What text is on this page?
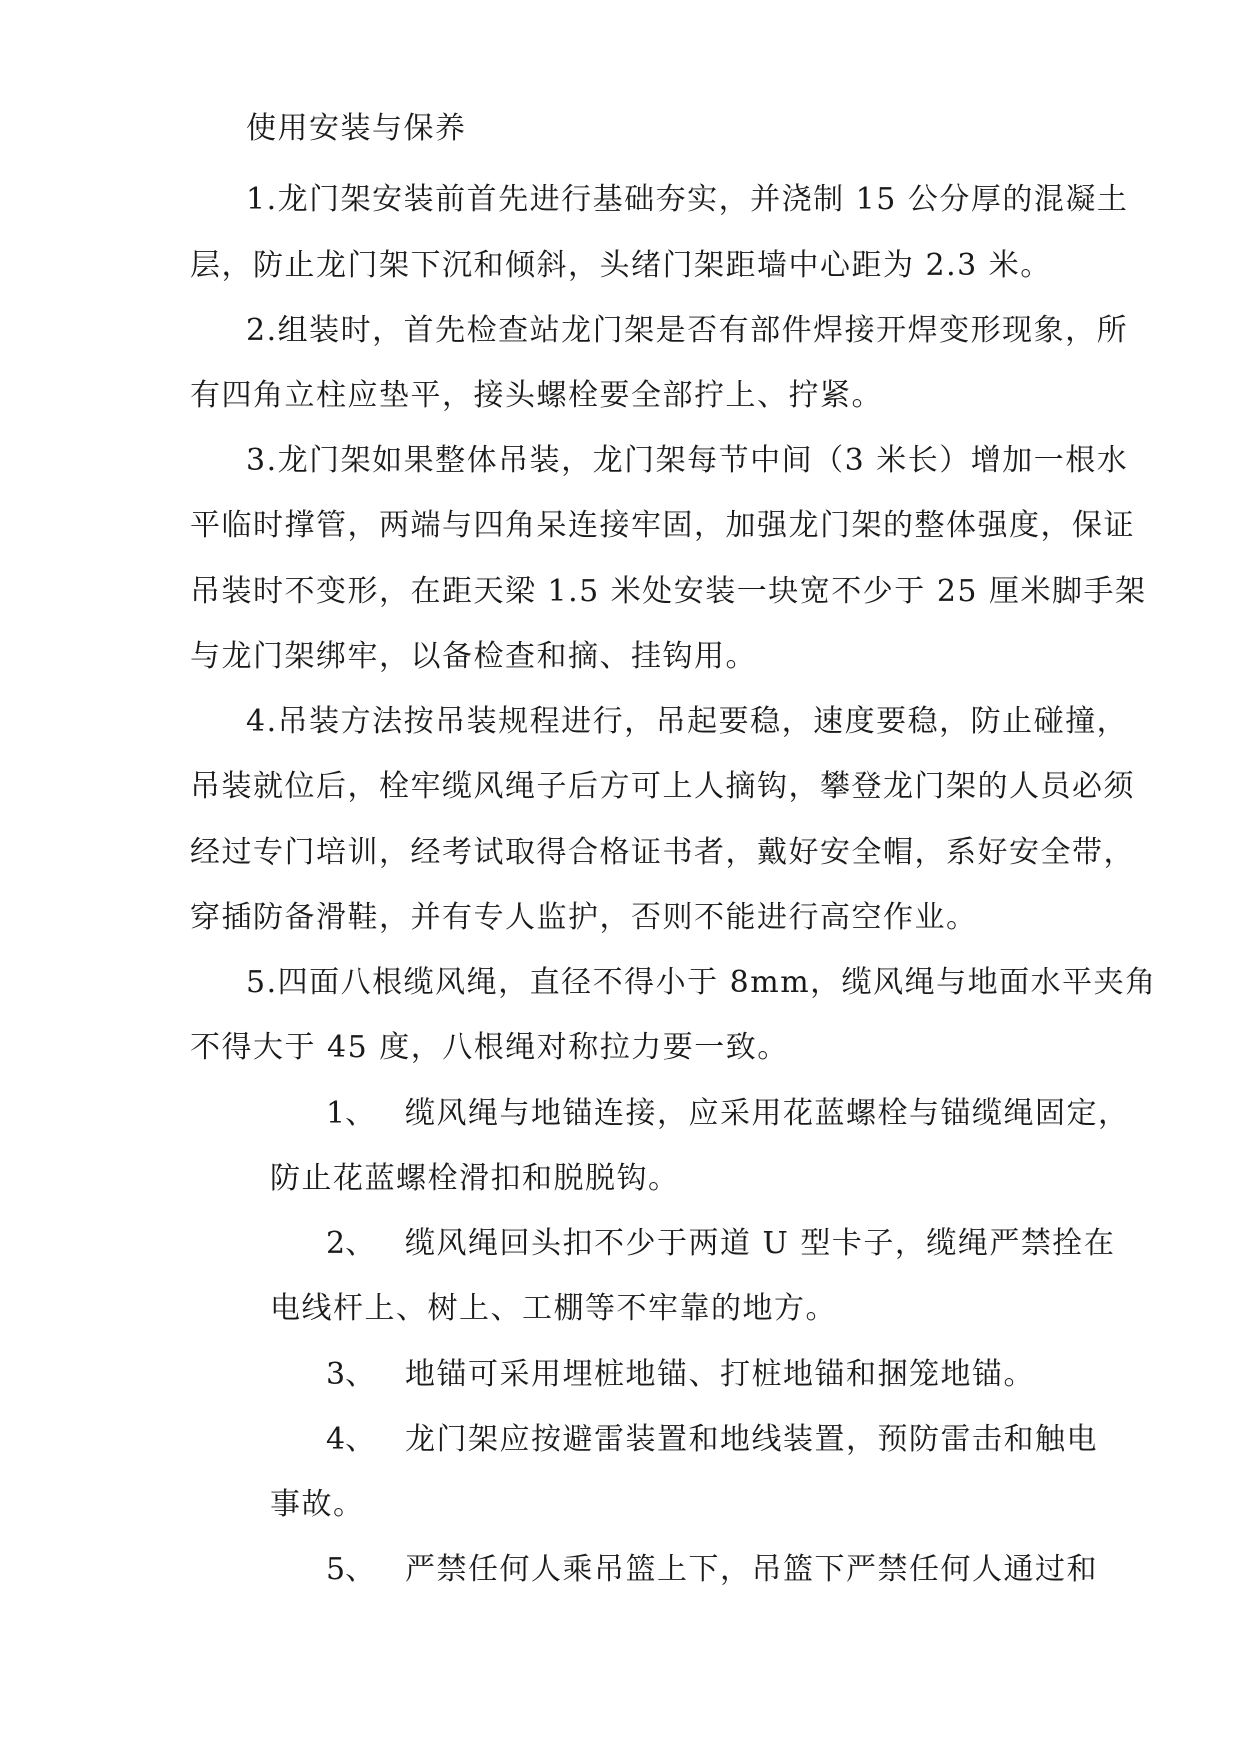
使用安装与保养
1.龙门架安装前首先进行基础夯实，并浇制 15 公分厚的混凝土
层，防止龙门架下沉和倾斜，头绪门架距墙中心距为 2.3 米。
2.组装时，首先检查站龙门架是否有部件焊接开焊变形现象，所
有四角立柱应垫平，接头螺栓要全部拧上、拧紧。
3.龙门架如果整体吊装，龙门架每节中间（3 米长）增加一根水
平临时撑管，两端与四角呆连接牢固，加强龙门架的整体强度，保证
吊装时不变形，在距天梁 1.5 米处安装一块宽不少于 25 厘米脚手架
与龙门架绑牢，以备检查和摘、挂钩用。
4.吊装方法按吊装规程进行，吊起要稳，速度要稳，防止碰撞，
吊装就位后，栓牢缆风绳子后方可上人摘钩，攀登龙门架的人员必须
经过专门培训，经考试取得合格证书者，戴好安全帽，系好安全带，
穿插防备滑鞋，并有专人监护，否则不能进行高空作业。
5.四面八根缆风绳，直径不得小于 8mm，缆风绳与地面水平夹角
不得大于 45 度，八根绳对称拉力要一致。
1、 缆风绳与地锚连接，应采用花蓝螺栓与锚缆绳固定，
防止花蓝螺栓滑扣和脱脱钩。
2、 缆风绳回头扣不少于两道 U 型卡子，缆绳严禁拴在
电线杆上、树上、工棚等不牢靠的地方。
3、 地锚可采用埋桩地锚、打桩地锚和捆笼地锚。
4、 龙门架应按避雷装置和地线装置，预防雷击和触电
事故。
5、 严禁任何人乘吊篮上下，吊篮下严禁任何人通过和
